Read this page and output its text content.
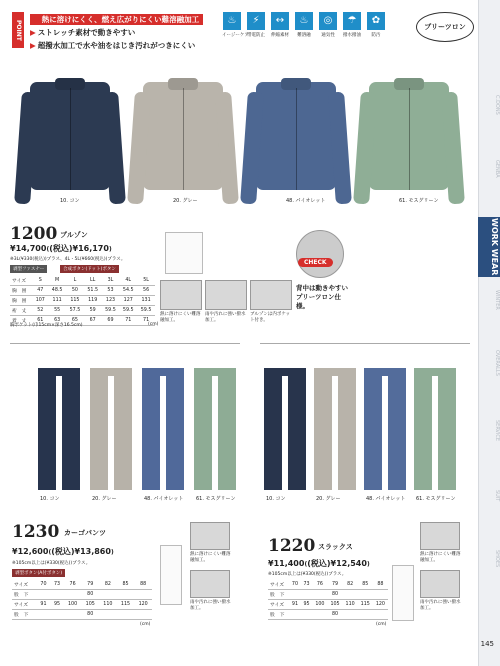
POINT
▶ 熱に溶けにくく、燃え広がりにくい難溶融加工
▶ ストレッチ素材で動きやすい
▶ 超撥水加工で水や油をはじき汚れがつきにくい
♨
イージーケア
⚡
帯電防止
↔
伸縮素材
♨
難溶融
◎
通気性
☂
撥水撥油
✿
防汚
プリーツロン
C.DONS
GENBA
WORK WEAR
WINTER
OVERALLS
SERVICE
SUIT
SHOES
145
10. コン	20. グレー	48. パイオレット	61. モスグリーン
1200 ブルゾン
¥14,700((税込)¥16,170)
※3L(¥330(税込))プラス、4L・5L(¥660(税込))プラス。
剥型ファスナー	合成ボタン(ドット)ボタン
サイズ	S	M	L	LL	3L	4L	5L
胸　囲	47	48.5	50	51.5	53	54.5	56
胸　囲	107	111	115	119	123	127	131
裄　丈	52	55	57.5	59	59.5	59.5	59.5
着　丈	61	63	65	67	69	71	71
胸ポケット(巾15cm×深さ16.5cm)	(cm)
熱に溶けにくい難溶融加工。
雨や汚れに強い撥水加工。
ブルゾンは内ポケット付き。
CHECK
背中は動きやすいプリーツロン仕様。
10. コン	20. グレー	48. パイオレット	61. モスグリーン	10. コン	20. グレー	48. パイオレット 61. モスグリーン
1230 カーゴパンツ
¥12,600((税込)¥13,860)
※105cm以上は(¥330(税込))プラス。
剥型ボタン(A付ボタン)
サイズ	70	73	76	79	82	85	88
股　下				80			
サイズ	91	95	100	105	110	115	120
股　下				80			
(cm)
熱に溶けにくい難溶融加工。
雨や汚れに強い撥水加工。
1220 スラックス
¥11,400((税込)¥12,540)
※105cm以上は(¥330(税込))プラス。
サイズ	70	73	76	79	82	85	88
股　下				80			
サイズ	91	95	100	105	110	115	120
股　下				80			
(cm)
熱に溶けにくい難溶融加工。
雨や汚れに強い撥水加工。
